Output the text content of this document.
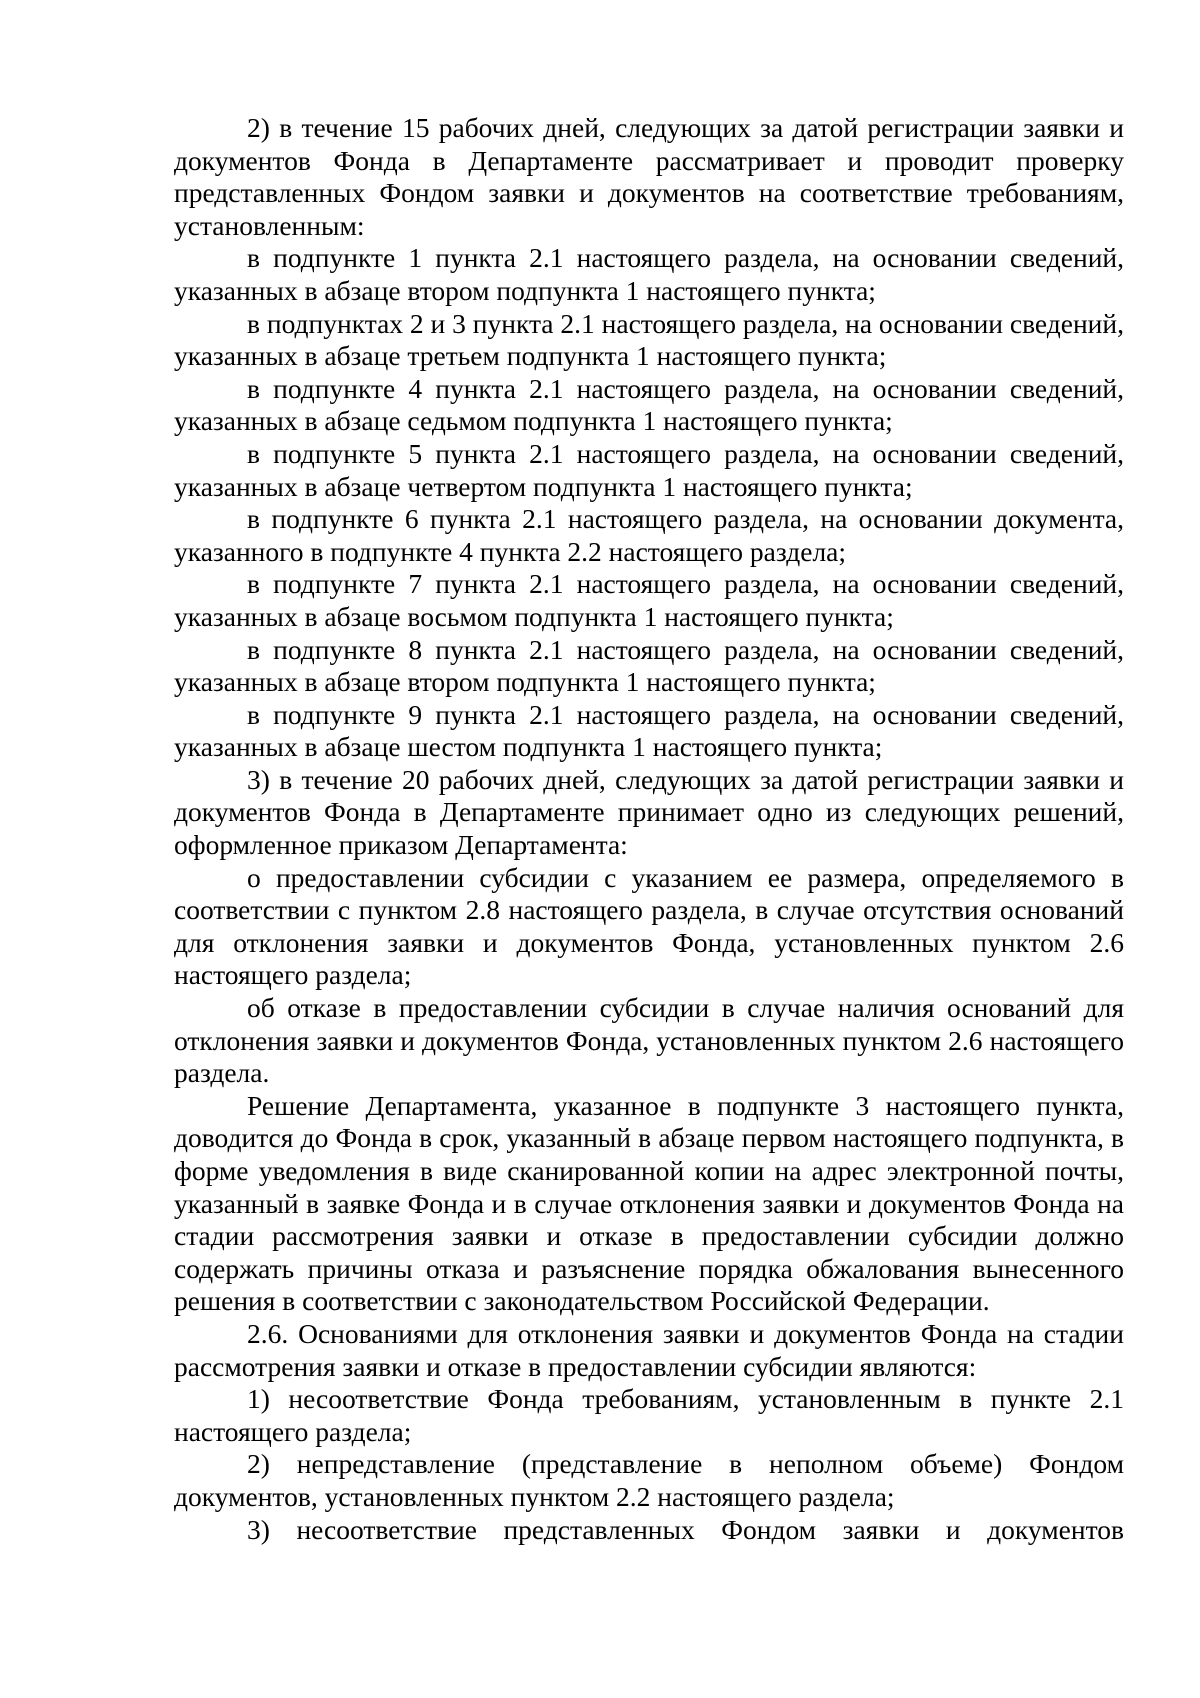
2) в течение 15 рабочих дней, следующих за датой регистрации заявки и документов Фонда в Департаменте рассматривает и проводит проверку представленных Фондом заявки и документов на соответствие требованиям, установленным:

в подпункте 1 пункта 2.1 настоящего раздела, на основании сведений, указанных в абзаце втором подпункта 1 настоящего пункта;

в подпунктах 2 и 3 пункта 2.1 настоящего раздела, на основании сведений, указанных в абзаце третьем подпункта 1 настоящего пункта;

в подпункте 4 пункта 2.1 настоящего раздела, на основании сведений, указанных в абзаце седьмом подпункта 1 настоящего пункта;

в подпункте 5 пункта 2.1 настоящего раздела, на основании сведений, указанных в абзаце четвертом подпункта 1 настоящего пункта;

в подпункте 6 пункта 2.1 настоящего раздела, на основании документа, указанного в подпункте 4 пункта 2.2 настоящего раздела;

в подпункте 7 пункта 2.1 настоящего раздела, на основании сведений, указанных в абзаце восьмом подпункта 1 настоящего пункта;

в подпункте 8 пункта 2.1 настоящего раздела, на основании сведений, указанных в абзаце втором подпункта 1 настоящего пункта;

в подпункте 9 пункта 2.1 настоящего раздела, на основании сведений, указанных в абзаце шестом подпункта 1 настоящего пункта;

3) в течение 20 рабочих дней, следующих за датой регистрации заявки и документов Фонда в Департаменте принимает одно из следующих решений, оформленное приказом Департамента:

о предоставлении субсидии с указанием ее размера, определяемого в соответствии с пунктом 2.8 настоящего раздела, в случае отсутствия оснований для отклонения заявки и документов Фонда, установленных пунктом 2.6 настоящего раздела;

об отказе в предоставлении субсидии в случае наличия оснований для отклонения заявки и документов Фонда, установленных пунктом 2.6 настоящего раздела.

Решение Департамента, указанное в подпункте 3 настоящего пункта, доводится до Фонда в срок, указанный в абзаце первом настоящего подпункта, в форме уведомления в виде сканированной копии на адрес электронной почты, указанный в заявке Фонда и в случае отклонения заявки и документов Фонда на стадии рассмотрения заявки и отказе в предоставлении субсидии должно содержать причины отказа и разъяснение порядка обжалования вынесенного решения в соответствии с законодательством Российской Федерации.

2.6. Основаниями для отклонения заявки и документов Фонда на стадии рассмотрения заявки и отказе в предоставлении субсидии являются:

1) несоответствие Фонда требованиям, установленным в пункте 2.1 настоящего раздела;

2) непредставление (представление в неполном объеме) Фондом документов, установленных пунктом 2.2 настоящего раздела;

3) несоответствие представленных Фондом заявки и документов
